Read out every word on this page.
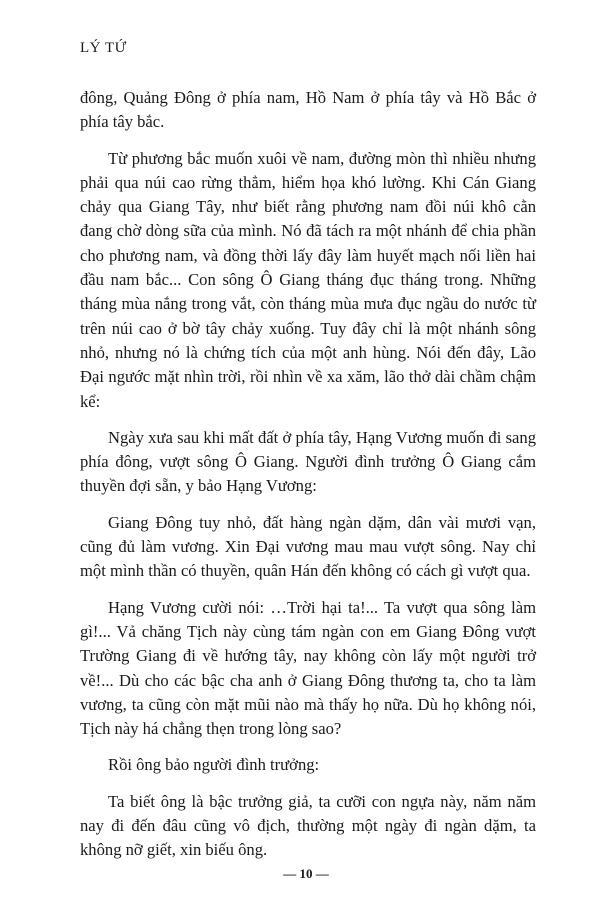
LÝ TỨ

đông, Quảng Đông ở phía nam, Hồ Nam ở phía tây và Hồ Bắc ở phía tây bắc.

Từ phương bắc muốn xuôi về nam, đường mòn thì nhiều nhưng phải qua núi cao rừng thẳm, hiểm họa khó lường. Khi Cán Giang chảy qua Giang Tây, như biết rằng phương nam đồi núi khô cằn đang chờ dòng sữa của mình. Nó đã tách ra một nhánh để chia phần cho phương nam, và đồng thời lấy đây làm huyết mạch nối liền hai đầu nam bắc... Con sông Ô Giang tháng đục tháng trong. Những tháng mùa nắng trong vắt, còn tháng mùa mưa đục ngầu do nước từ trên núi cao ở bờ tây chảy xuống. Tuy đây chỉ là một nhánh sông nhỏ, nhưng nó là chứng tích của một anh hùng. Nói đến đây, Lão Đại ngước mặt nhìn trời, rồi nhìn về xa xăm, lão thở dài chầm chậm kể:

Ngày xưa sau khi mất đất ở phía tây, Hạng Vương muốn đi sang phía đông, vượt sông Ô Giang. Người đình trưởng Ô Giang cắm thuyền đợi sẵn, y bảo Hạng Vương:

Giang Đông tuy nhỏ, đất hàng ngàn dặm, dân vài mươi vạn, cũng đủ làm vương. Xin Đại vương mau mau vượt sông. Nay chỉ một mình thần có thuyền, quân Hán đến không có cách gì vượt qua.

Hạng Vương cười nói: …Trời hại ta!... Ta vượt qua sông làm gì!... Vả chăng Tịch này cùng tám ngàn con em Giang Đông vượt Trường Giang đi về hướng tây, nay không còn lấy một người trở về!... Dù cho các bậc cha anh ở Giang Đông thương ta, cho ta làm vương, ta cũng còn mặt mũi nào mà thấy họ nữa. Dù họ không nói, Tịch này há chẳng thẹn trong lòng sao?

Rồi ông bảo người đình trưởng:

Ta biết ông là bậc trưởng giả, ta cưỡi con ngựa này, năm năm nay đi đến đâu cũng vô địch, thường một ngày đi ngàn dặm, ta không nỡ giết, xin biếu ông.

— 10 —
